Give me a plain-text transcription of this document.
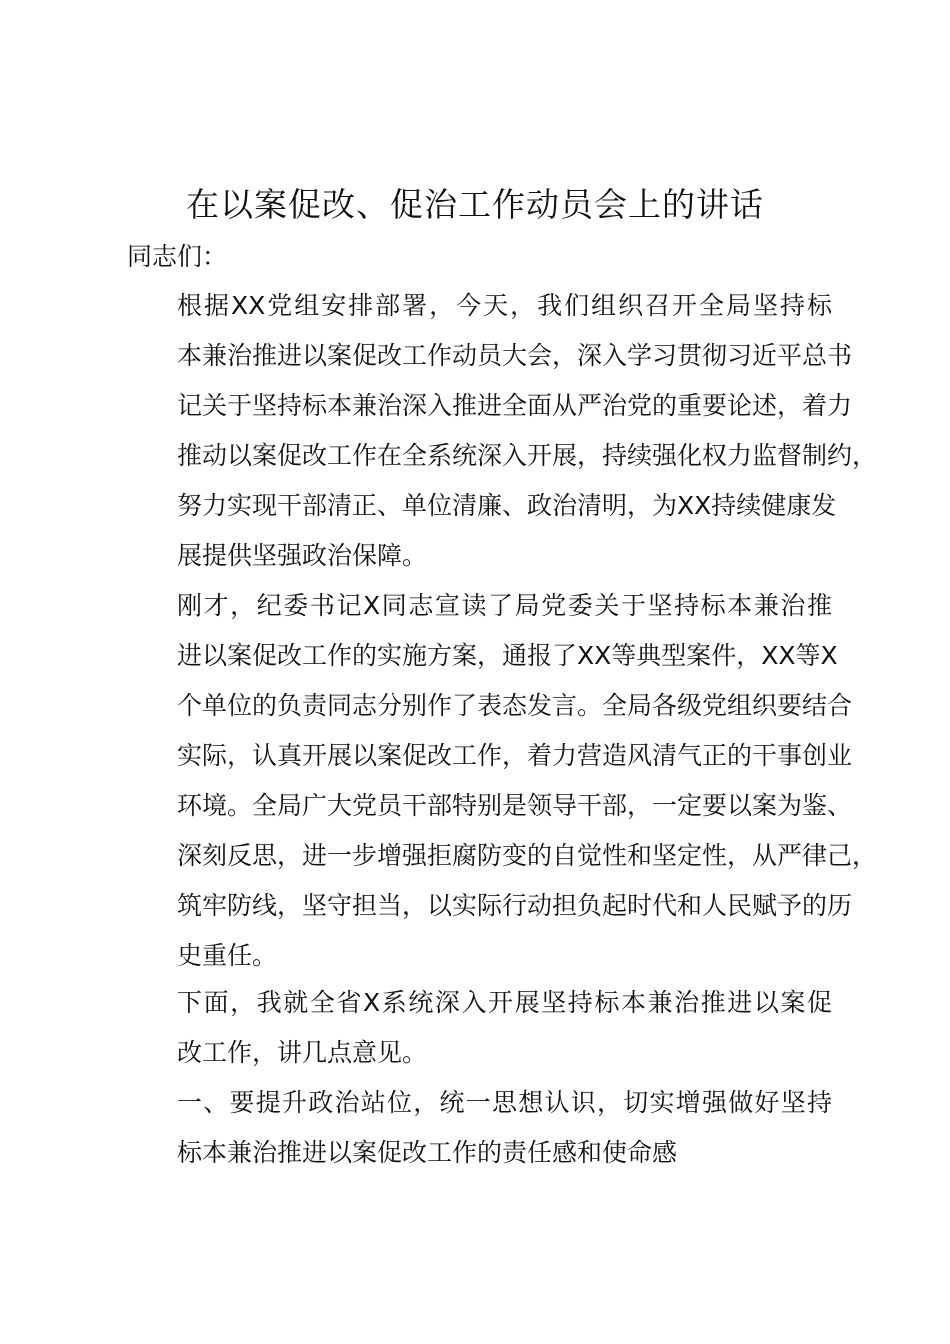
在以案促改、促治工作动员会上的讲话

同志们：

根据XX党组安排部署，今天，我们组织召开全局坚持标
本兼治推进以案促改工作动员大会，深入学习贯彻习近平总书
记关于坚持标本兼治深入推进全面从严治党的重要论述，着力
推动以案促改工作在全系统深入开展，持续强化权力监督制约，
努力实现干部清正、单位清廉、政治清明，为XX持续健康发
展提供坚强政治保障。

刚才，纪委书记X同志宣读了局党委关于坚持标本兼治推
进以案促改工作的实施方案，通报了XX等典型案件，XX等X
个单位的负责同志分别作了表态发言。全局各级党组织要结合
实际，认真开展以案促改工作，着力营造风清气正的干事创业
环境。全局广大党员干部特别是领导干部，一定要以案为鉴、
深刻反思，进一步增强拒腐防变的自觉性和坚定性，从严律己，
筑牢防线，坚守担当，以实际行动担负起时代和人民赋予的历
史重任。

下面，我就全省X系统深入开展坚持标本兼治推进以案促
改工作，讲几点意见。

一、要提升政治站位，统一思想认识，切实增强做好坚持
标本兼治推进以案促改工作的责任感和使命感
